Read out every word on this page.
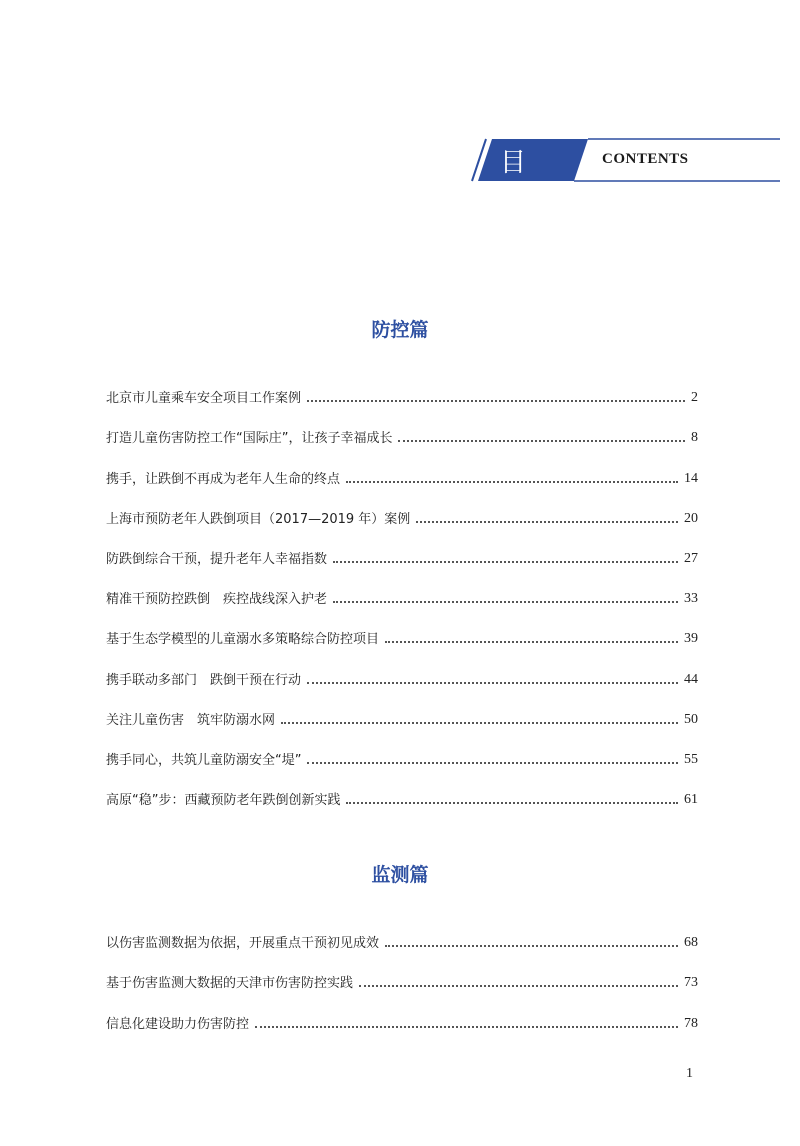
目 录
CONTENTS
防控篇
北京市儿童乘车安全项目工作案例	2
打造儿童伤害防控工作“国际庄”，让孩子幸福成长	8
携手，让跌倒不再成为老年人生命的终点	14
上海市预防老年人跌倒项目（2017—2019 年）案例	20
防跌倒综合干预，提升老年人幸福指数	27
精准干预防控跌倒　疾控战线深入护老	33
基于生态学模型的儿童溺水多策略综合防控项目	39
携手联动多部门　跌倒干预在行动	44
关注儿童伤害　筑牢防溺水网	50
携手同心，共筑儿童防溺安全“堤”	55
高原“稳”步：西藏预防老年跌倒创新实践	61
监测篇
以伤害监测数据为依据，开展重点干预初见成效	68
基于伤害监测大数据的天津市伤害防控实践	73
信息化建设助力伤害防控	78
1
